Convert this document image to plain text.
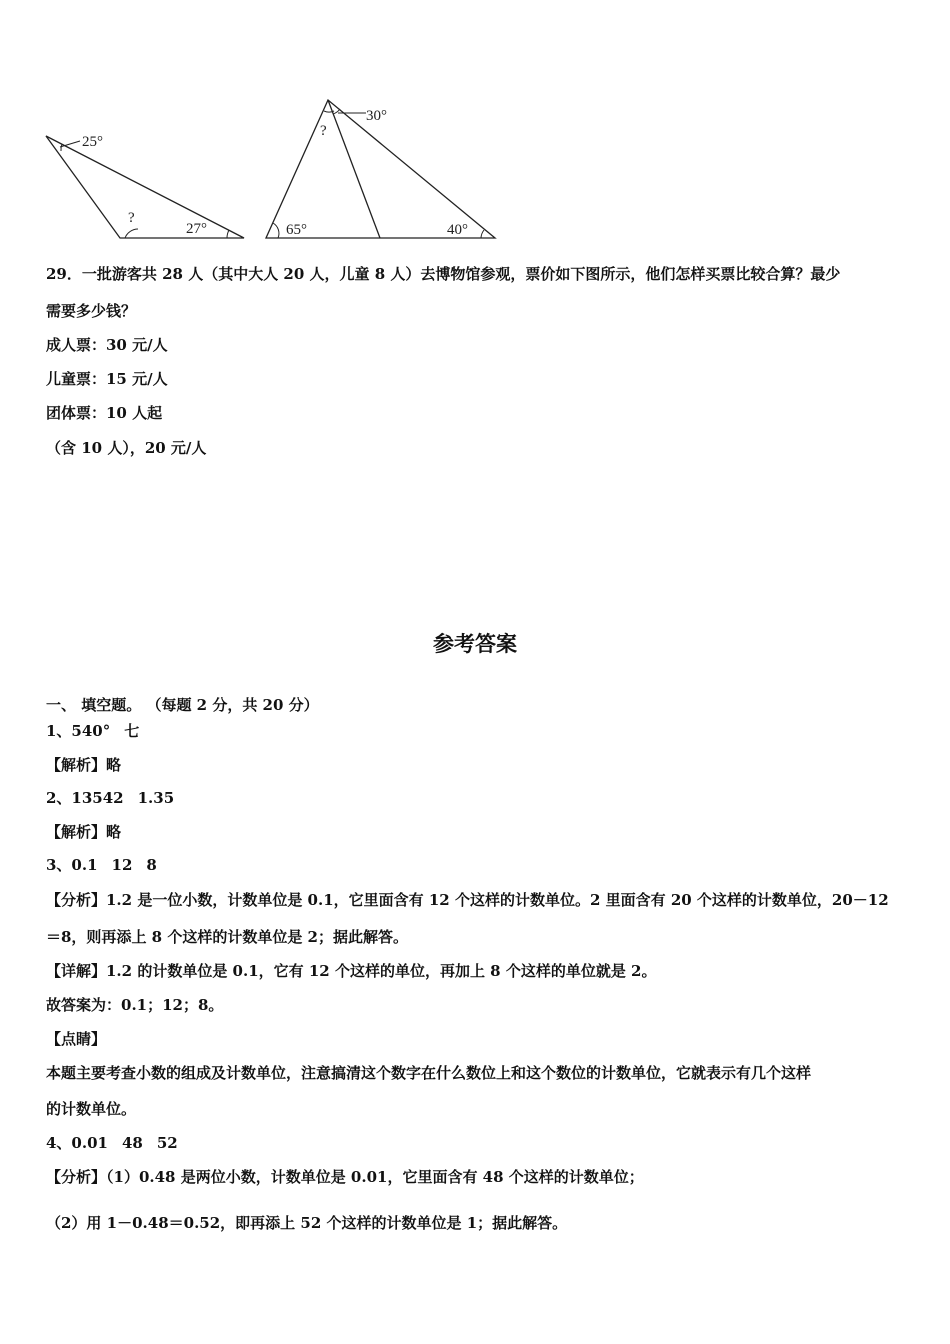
25°
?
27°
?
30°
65°	40°
29．一批游客共 28 人（其中大人 20 人，儿童 8 人）去博物馆参观，票价如下图所示，他们怎样买票比较合算？最少
需要多少钱？
成人票：30 元/人
儿童票：15 元/人
团体票：10 人起
（含 10 人），20 元/人
参考答案
一、 填空题。 （每题 2 分，共 20 分）
1、540° 七
【解析】略
2、13542 1.35
【解析】略
3、0.1 12 8
【分析】1.2 是一位小数，计数单位是 0.1，它里面含有 12 个这样的计数单位。2 里面含有 20 个这样的计数单位，20－12
＝8，则再添上 8 个这样的计数单位是 2；据此解答。
【详解】1.2 的计数单位是 0.1，它有 12 个这样的单位，再加上 8 个这样的单位就是 2。
故答案为：0.1；12；8。
【点睛】
本题主要考查小数的组成及计数单位，注意搞清这个数字在什么数位上和这个数位的计数单位，它就表示有几个这样
的计数单位。
4、0.01 48 52
【分析】（1）0.48 是两位小数，计数单位是 0.01，它里面含有 48 个这样的计数单位；
（2）用 1－0.48＝0.52，即再添上 52 个这样的计数单位是 1；据此解答。
